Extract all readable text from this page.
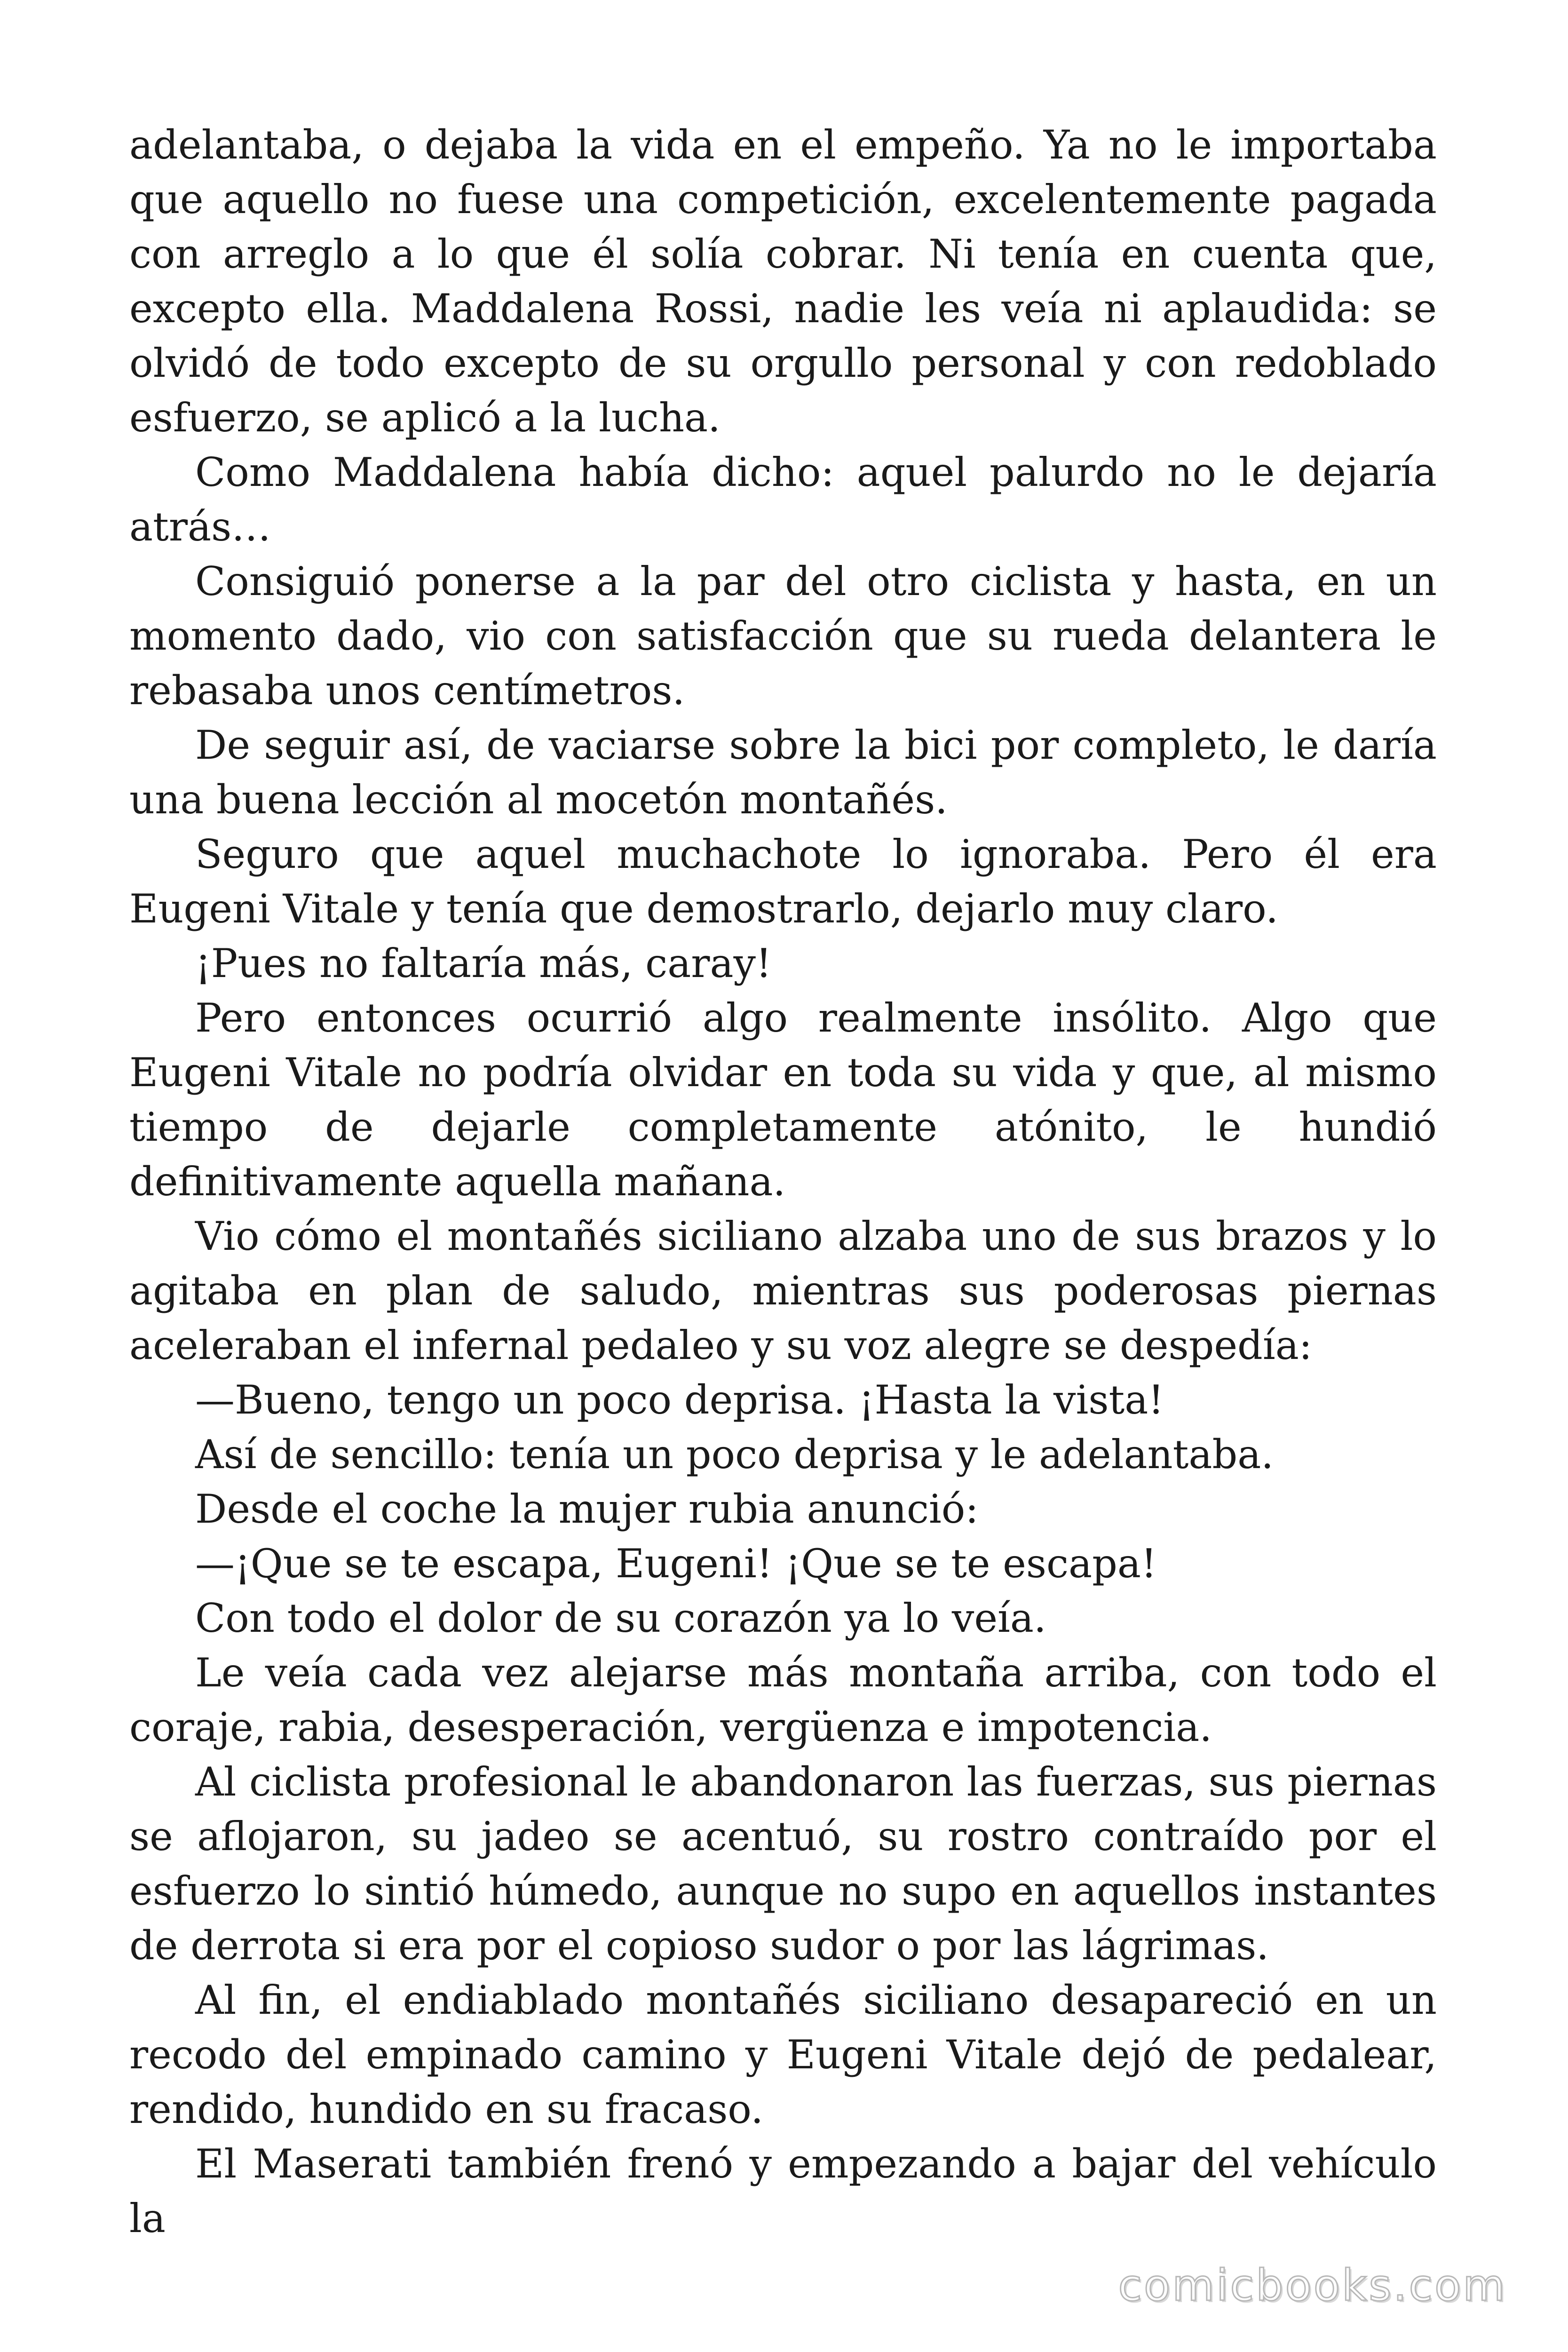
adelantaba, o dejaba la vida en el empeño. Ya no le importaba que aquello no fuese una competición, excelentemente pagada con arreglo a lo que él solía cobrar. Ni tenía en cuenta que, excepto ella. Maddalena Rossi, nadie les veía ni aplaudida: se olvidó de todo excepto de su orgullo personal y con redoblado esfuerzo, se aplicó a la lucha.

Como Maddalena había dicho: aquel palurdo no le dejaría atrás…

Consiguió ponerse a la par del otro ciclista y hasta, en un momento dado, vio con satisfacción que su rueda delantera le rebasaba unos centímetros.

De seguir así, de vaciarse sobre la bici por completo, le daría una buena lección al mocetón montañés.

Seguro que aquel muchachote lo ignoraba. Pero él era Eugeni Vitale y tenía que demostrarlo, dejarlo muy claro.

¡Pues no faltaría más, caray!

Pero entonces ocurrió algo realmente insólito. Algo que Eugeni Vitale no podría olvidar en toda su vida y que, al mismo tiempo de dejarle completamente atónito, le hundió definitivamente aquella mañana.

Vio cómo el montañés siciliano alzaba uno de sus brazos y lo agitaba en plan de saludo, mientras sus poderosas piernas aceleraban el infernal pedaleo y su voz alegre se despedía:

—Bueno, tengo un poco deprisa. ¡Hasta la vista!

Así de sencillo: tenía un poco deprisa y le adelantaba.

Desde el coche la mujer rubia anunció:

—¡Que se te escapa, Eugeni! ¡Que se te escapa!

Con todo el dolor de su corazón ya lo veía.

Le veía cada vez alejarse más montaña arriba, con todo el coraje, rabia, desesperación, vergüenza e impotencia.

Al ciclista profesional le abandonaron las fuerzas, sus piernas se aflojaron, su jadeo se acentuó, su rostro contraído por el esfuerzo lo sintió húmedo, aunque no supo en aquellos instantes de derrota si era por el copioso sudor o por las lágrimas.

Al fin, el endiablado montañés siciliano desapareció en un recodo del empinado camino y Eugeni Vitale dejó de pedalear, rendido, hundido en su fracaso.

El Maserati también frenó y empezando a bajar del vehículo la

comicbooks.com
